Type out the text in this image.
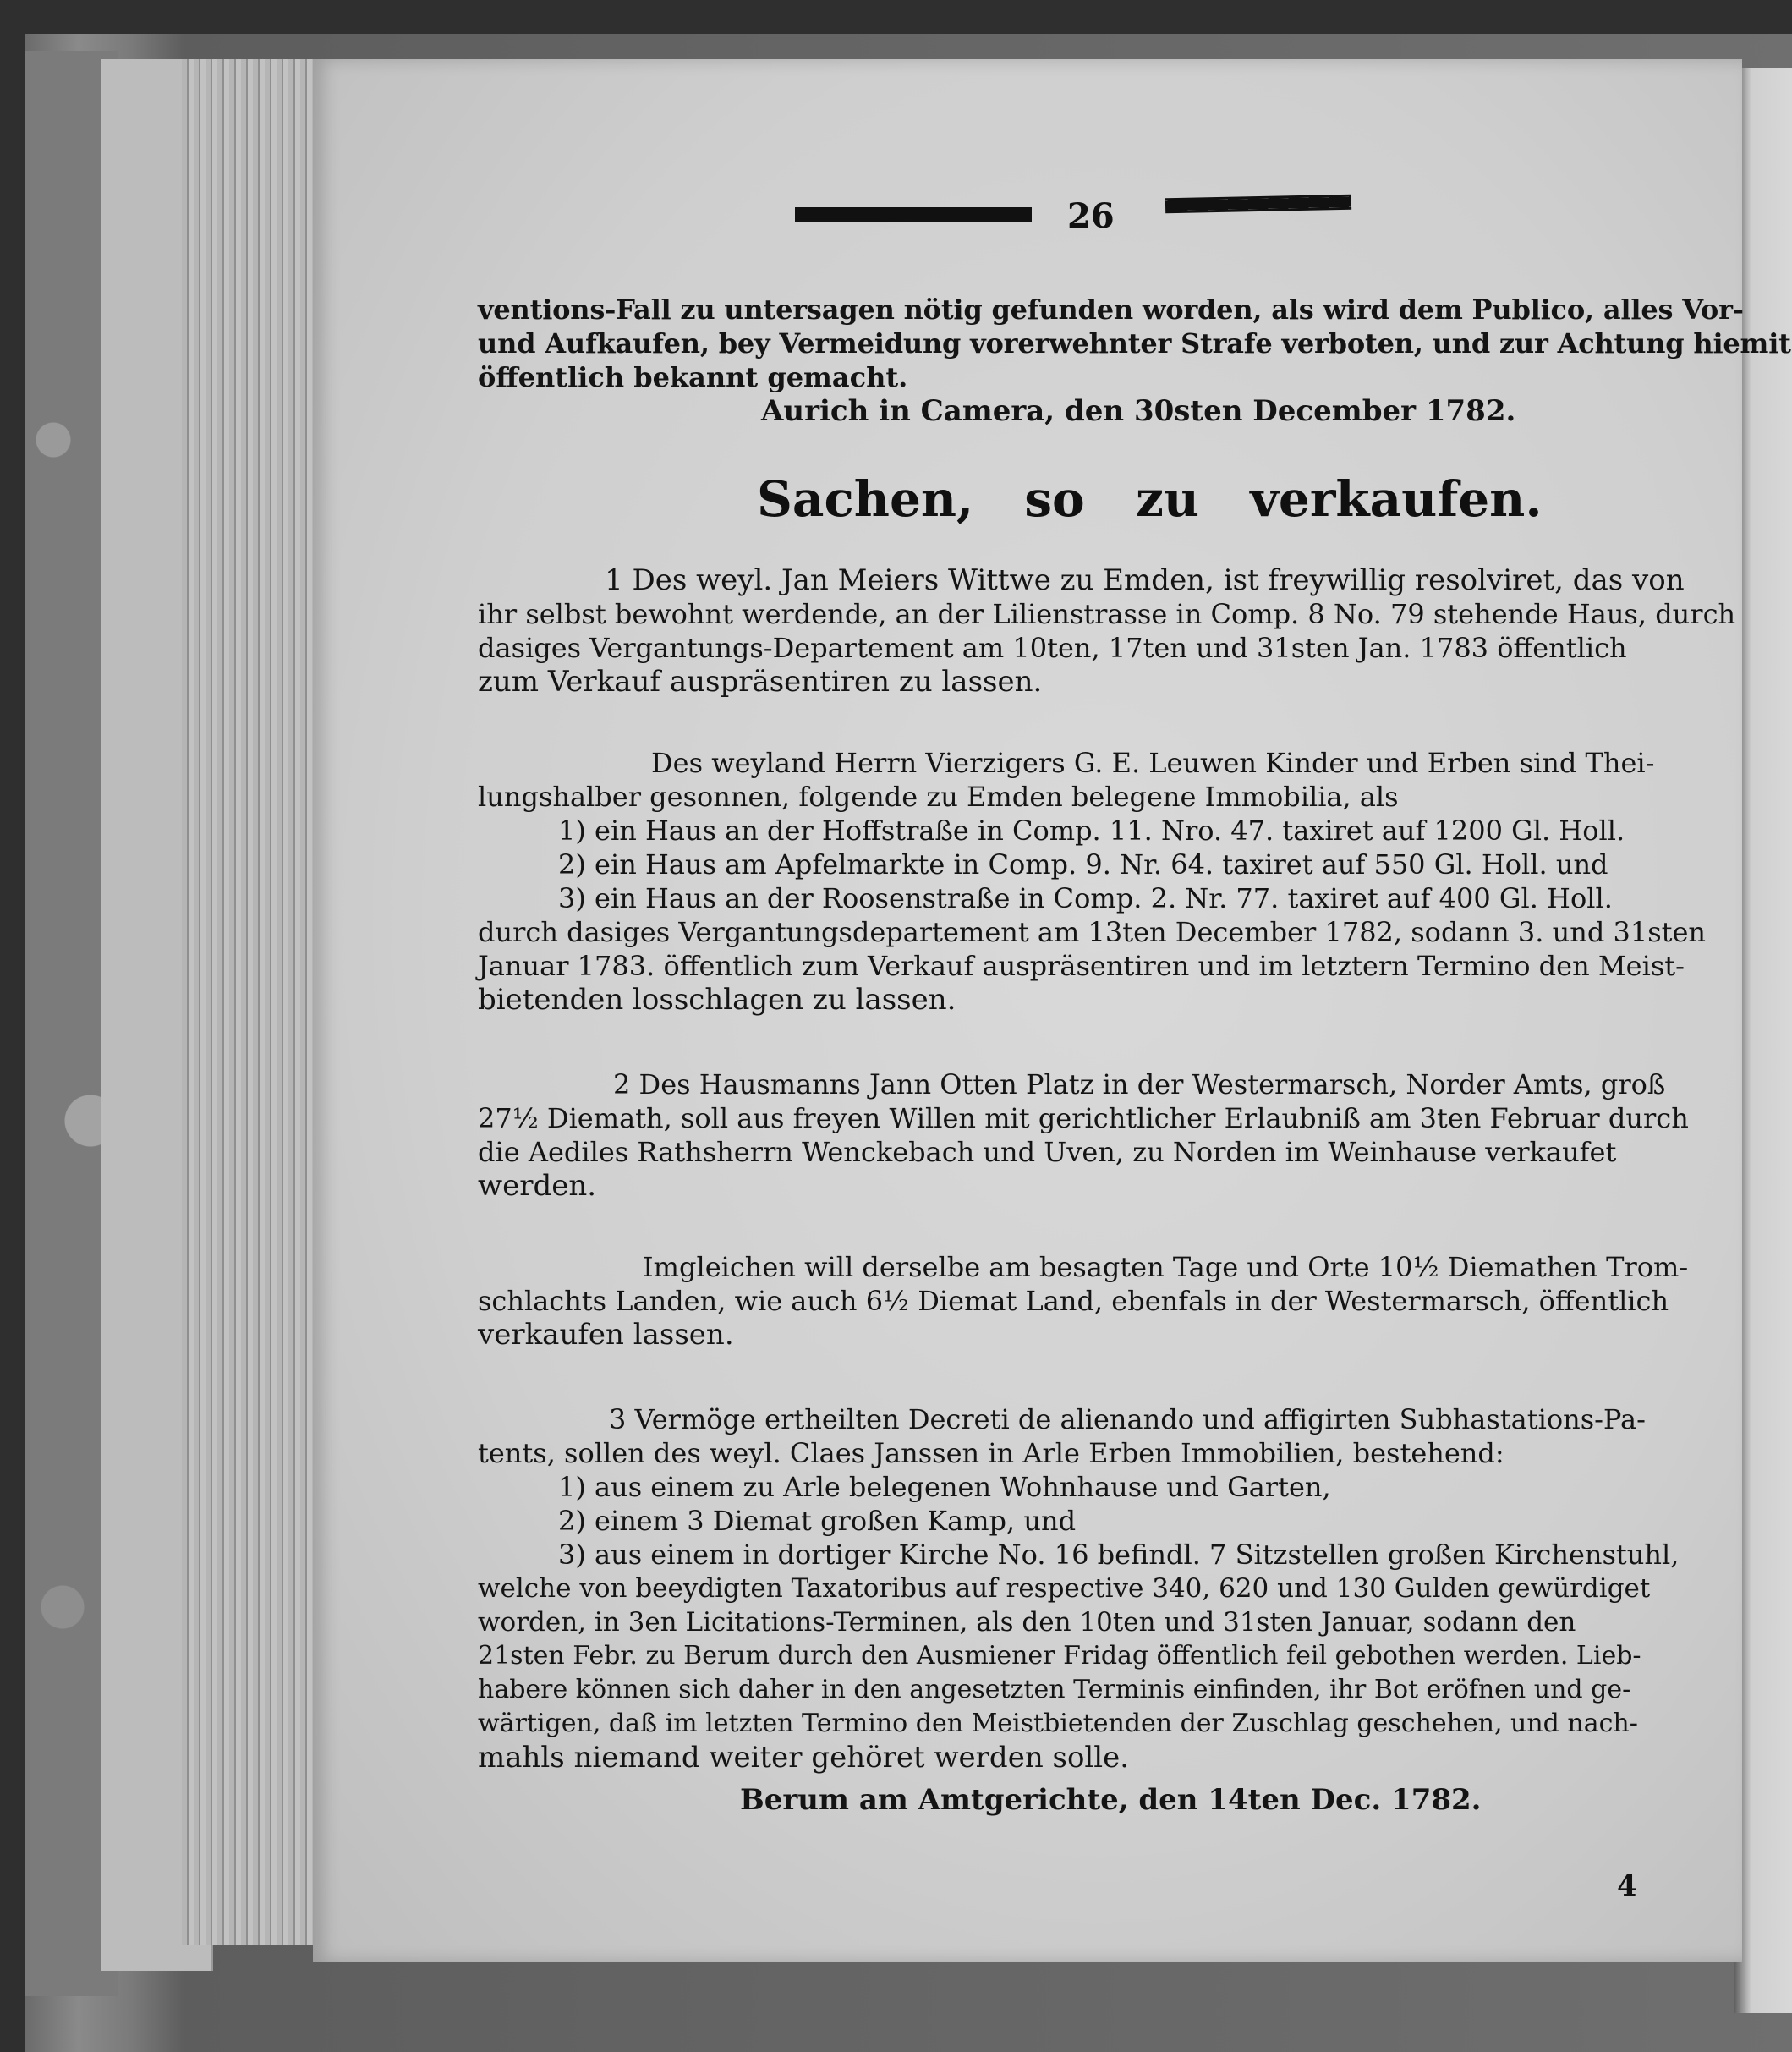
26
ventions-Fall zu untersagen nötig gefunden worden, als wird dem Publico, alles Vor-
und Aufkaufen, bey Vermeidung vorerwehnter Strafe verboten, und zur Achtung hiemit
öffentlich bekannt gemacht.
Aurich in Camera, den 30sten December 1782.
Sachen, so zu verkaufen.
1 Des weyl. Jan Meiers Wittwe zu Emden, ist freywillig resolviret, das von
ihr selbst bewohnt werdende, an der Lilienstrasse in Comp. 8 No. 79 stehende Haus, durch
dasiges Vergantungs-Departement am 10ten, 17ten und 31sten Jan. 1783 öffentlich
zum Verkauf auspräsentiren zu lassen.
Des weyland Herrn Vierzigers G. E. Leuwen Kinder und Erben sind Thei-
lungshalber gesonnen, folgende zu Emden belegene Immobilia, als
1) ein Haus an der Hoffstraße in Comp. 11. Nro. 47. taxiret auf 1200 Gl. Holl.
2) ein Haus am Apfelmarkte in Comp. 9. Nr. 64. taxiret auf 550 Gl. Holl. und
3) ein Haus an der Roosenstraße in Comp. 2. Nr. 77. taxiret auf 400 Gl. Holl.
durch dasiges Vergantungsdepartement am 13ten December 1782, sodann 3. und 31sten
Januar 1783. öffentlich zum Verkauf auspräsentiren und im letztern Termino den Meist-
bietenden losschlagen zu lassen.
2 Des Hausmanns Jann Otten Platz in der Westermarsch, Norder Amts, groß
27½ Diemath, soll aus freyen Willen mit gerichtlicher Erlaubniß am 3ten Februar durch
die Aediles Rathsherrn Wenckebach und Uven, zu Norden im Weinhause verkaufet
werden.
Imgleichen will derselbe am besagten Tage und Orte 10½ Diemathen Trom-
schlachts Landen, wie auch 6½ Diemat Land, ebenfals in der Westermarsch, öffentlich
verkaufen lassen.
3 Vermöge ertheilten Decreti de alienando und affigirten Subhastations-Pa-
tents, sollen des weyl. Claes Janssen in Arle Erben Immobilien, bestehend:
1) aus einem zu Arle belegenen Wohnhause und Garten,
2) einem 3 Diemat großen Kamp, und
3) aus einem in dortiger Kirche No. 16 befindl. 7 Sitzstellen großen Kirchenstuhl,
welche von beeydigten Taxatoribus auf respective 340, 620 und 130 Gulden gewürdiget
worden, in 3en Licitations-Terminen, als den 10ten und 31sten Januar, sodann den
21sten Febr. zu Berum durch den Ausmiener Fridag öffentlich feil gebothen werden. Lieb-
habere können sich daher in den angesetzten Terminis einfinden, ihr Bot eröfnen und ge-
wärtigen, daß im letzten Termino den Meistbietenden der Zuschlag geschehen, und nach-
mahls niemand weiter gehöret werden solle.
Berum am Amtgerichte, den 14ten Dec. 1782.
4
